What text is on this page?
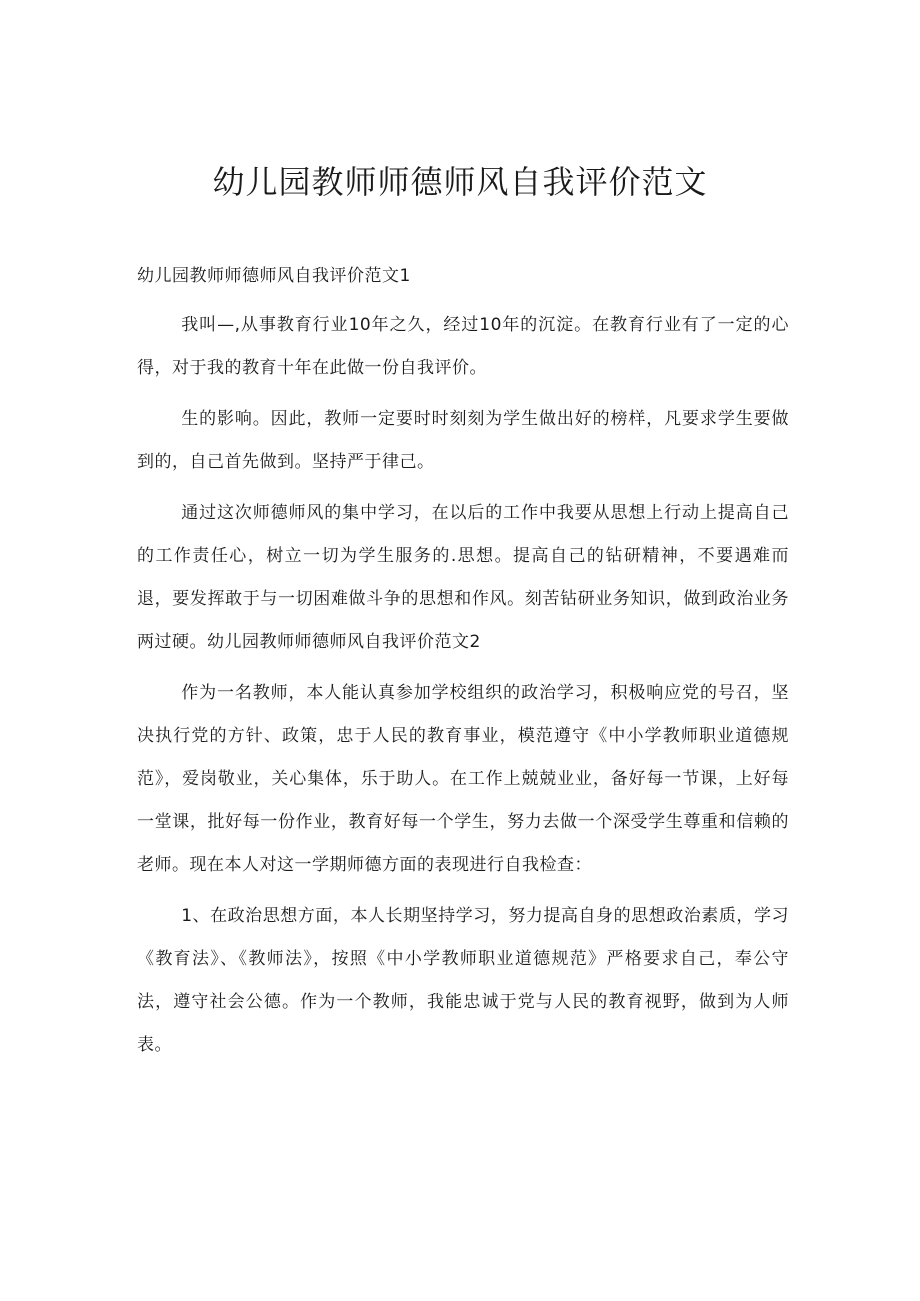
幼儿园教师师德师风自我评价范文

幼儿园教师师德师风自我评价范文1

我叫—,从事教育行业10年之久，经过10年的沉淀。在教育行业有了一定的心得，对于我的教育十年在此做一份自我评价。

生的影响。因此，教师一定要时时刻刻为学生做出好的榜样，凡要求学生要做到的，自己首先做到。坚持严于律己。

通过这次师德师风的集中学习，在以后的工作中我要从思想上行动上提高自己的工作责任心，树立一切为学生服务的.思想。提高自己的钻研精神，不要遇难而退，要发挥敢于与一切困难做斗争的思想和作风。刻苦钻研业务知识，做到政治业务两过硬。幼儿园教师师德师风自我评价范文2

作为一名教师，本人能认真参加学校组织的政治学习，积极响应党的号召，坚决执行党的方针、政策，忠于人民的教育事业，模范遵守《中小学教师职业道德规范》，爱岗敬业，关心集体，乐于助人。在工作上兢兢业业，备好每一节课，上好每一堂课，批好每一份作业，教育好每一个学生，努力去做一个深受学生尊重和信赖的老师。现在本人对这一学期师德方面的表现进行自我检查：

1、在政治思想方面，本人长期坚持学习，努力提高自身的思想政治素质，学习《教育法》、《教师法》，按照《中小学教师职业道德规范》严格要求自己，奉公守法，遵守社会公德。作为一个教师，我能忠诚于党与人民的教育视野，做到为人师表。
